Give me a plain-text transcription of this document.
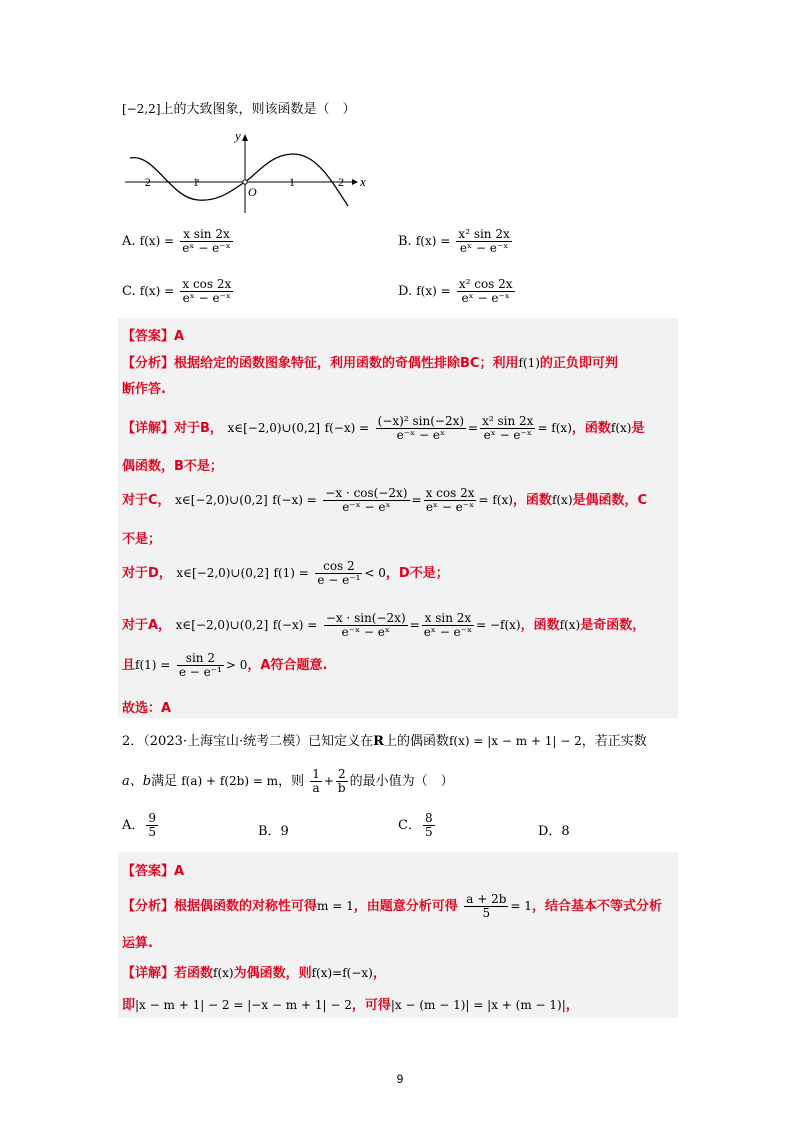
[−2,2]上的大致图象，则该函数是（　）
y
x
O
−2	−1	1	2
A. $f(x) = \frac{\text{x sin 2x}}{\text{eˣ − e⁻ˣ}}$	B. $f(x) = \frac{\text{x² sin 2x}}{\text{eˣ − e⁻ˣ}}$
C. $f(x) = \frac{\text{x cos 2x}}{\text{eˣ − e⁻ˣ}}$	D. $f(x) = \frac{\text{x² cos 2x}}{\text{eˣ − e⁻ˣ}}$
【答案】A
【分析】根据给定的函数图象特征，利用函数的奇偶性排除BC；利用f(1)的正负即可判
断作答.
【详解】对于B， x∈[−2,0)∪(0,2] $f(-x) = \frac{\text{(−x)² sin(−2x)}}{\text{e⁻ˣ − eˣ}} = \frac{\text{x² sin 2x}}{\text{eˣ − e⁻ˣ}} = f(x)$，函数f(x)是
偶函数，B不是；
对于C， x∈[−2,0)∪(0,2] $f(-x) = \frac{-x \cdot \cos(-2x)}{\text{e⁻ˣ − eˣ}} = \frac{\text{x cos 2x}}{\text{eˣ − e⁻ˣ}} = f(x)$，函数f(x)是偶函数，C
不是；
对于D， x∈[−2,0)∪(0,2] $f(1) = \frac{\cos 2}{\text{e − e⁻¹}} < 0$，D不是；
对于A， x∈[−2,0)∪(0,2] $f(-x) = \frac{-x \cdot \sin(-2x)}{\text{e⁻ˣ − eˣ}} = \frac{\text{x sin 2x}}{\text{eˣ − e⁻ˣ}} = -f(x)$，函数f(x)是奇函数，
且$f(1) = \frac{\sin 2}{\text{e − e⁻¹}} > 0$，A符合题意.
故选：A
2．（2023·上海宝山·统考二模）已知定义在R上的偶函数f(x) = |x − m + 1| − 2，若正实数
a、b满足 f(a) + f(2b) = m，则 $\frac{1}{a} + \frac{2}{b}$ 的最小值为（　）
A． $\frac{9}{5}$	B．9	C． $\frac{8}{5}$	D．8
【答案】A
【分析】根据偶函数的对称性可得m = 1，由题意分析可得 $\frac{a + 2b}{5} = 1$，结合基本不等式分析
运算.
【详解】若函数f(x)为偶函数，则f(x)=f(−x)，
即|x − m + 1| − 2 = |−x − m + 1| − 2，可得|x − (m − 1)| = |x + (m − 1)|，
9
